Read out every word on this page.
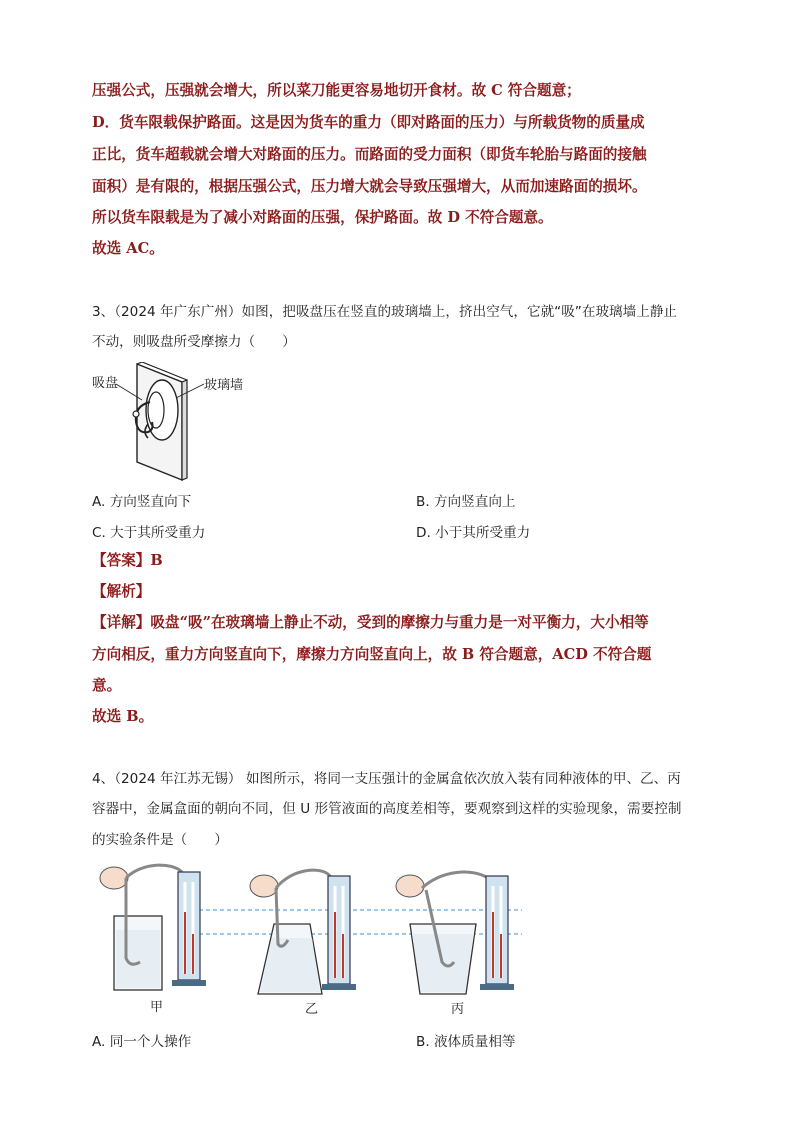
压强公式，压强就会增大，所以菜刀能更容易地切开食材。故 C 符合题意；
D．货车限载保护路面。这是因为货车的重力（即对路面的压力）与所载货物的质量成
正比，货车超载就会增大对路面的压力。而路面的受力面积（即货车轮胎与路面的接触
面积）是有限的，根据压强公式，压力增大就会导致压强增大，从而加速路面的损坏。
所以货车限载是为了减小对路面的压强，保护路面。故 D 不符合题意。
故选 AC。
3、（2024 年广东广州）如图，把吸盘压在竖直的玻璃墙上，挤出空气，它就“吸”在玻璃墙上静止
不动，则吸盘所受摩擦力（　　）
吸盘	玻璃墙
A. 方向竖直向下	B. 方向竖直向上
C. 大于其所受重力	D. 小于其所受重力
【答案】B
【解析】
【详解】吸盘“吸”在玻璃墙上静止不动，受到的摩擦力与重力是一对平衡力，大小相等
方向相反，重力方向竖直向下，摩擦力方向竖直向上，故 B 符合题意，ACD 不符合题
意。
故选 B。
4、（2024 年江苏无锡） 如图所示，将同一支压强计的金属盒依次放入装有同种液体的甲、乙、丙
容器中，金属盒面的朝向不同，但 U 形管液面的高度差相等，要观察到这样的实验现象，需要控制
的实验条件是（　　）
甲	乙	丙
A. 同一个人操作	B. 液体质量相等
